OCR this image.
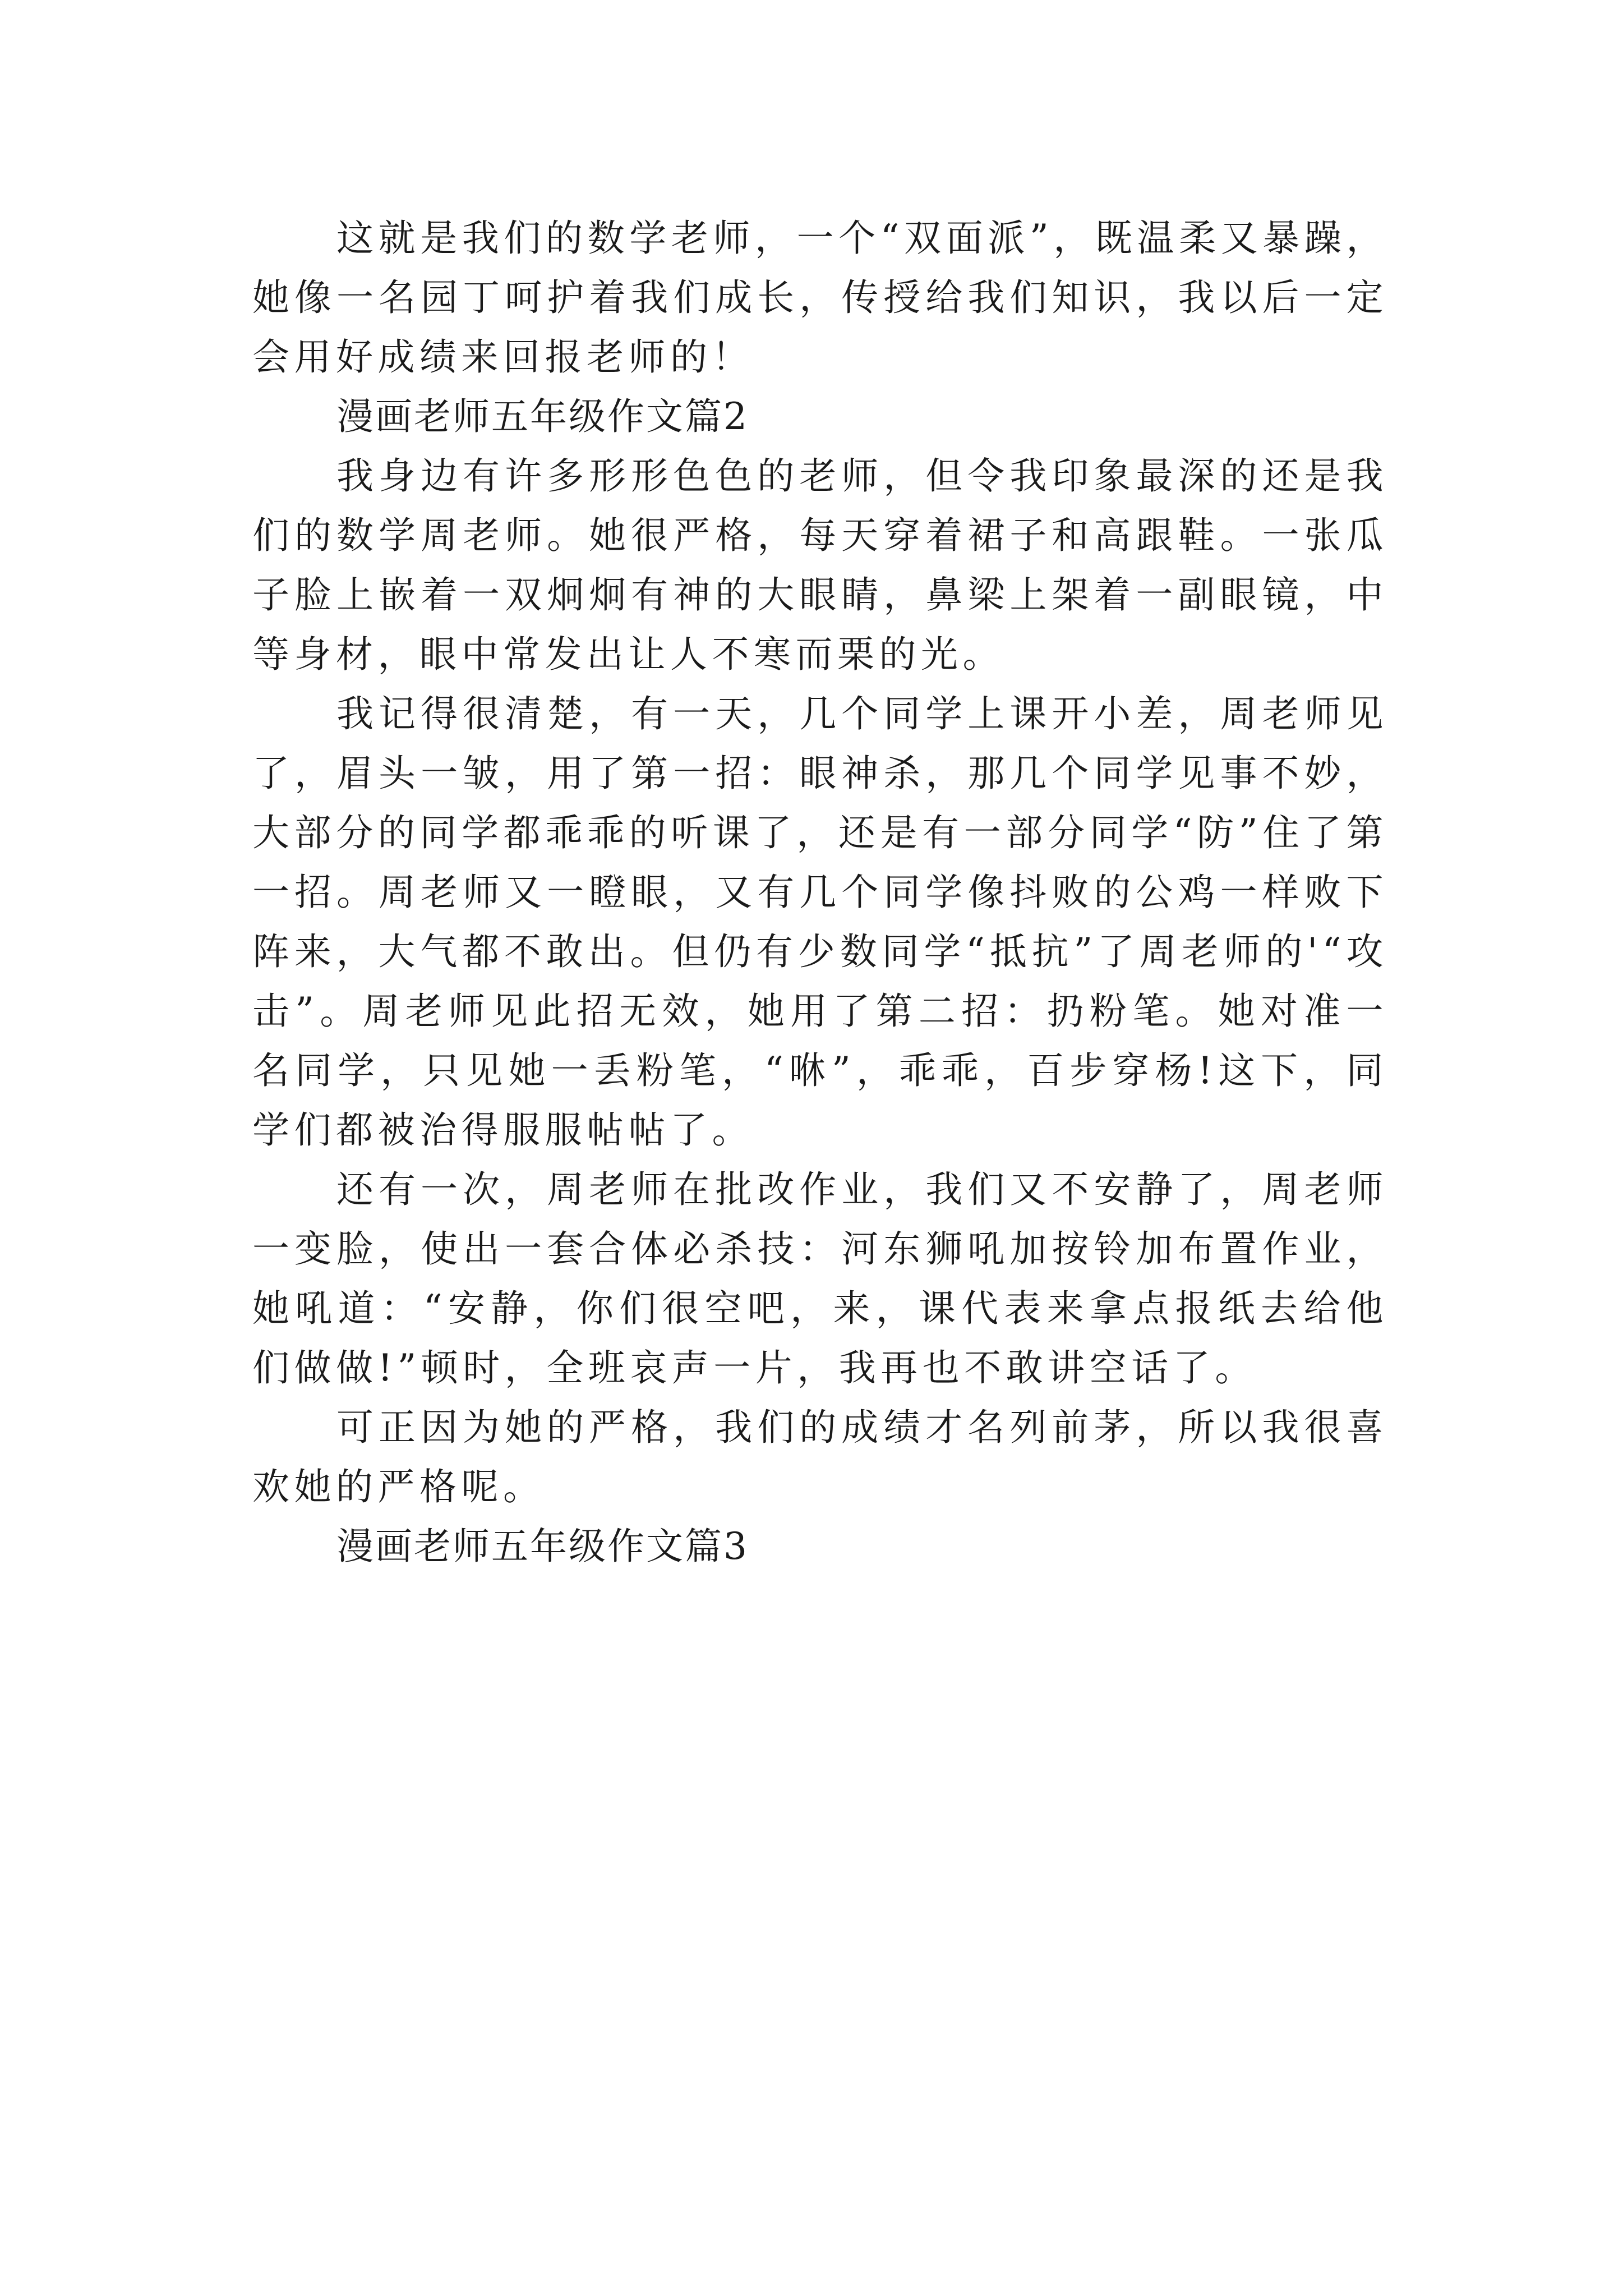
这就是我们的数学老师，一个“双面派”，既温柔又暴躁，她像一名园丁呵护着我们成长，传授给我们知识，我以后一定会用好成绩来回报老师的！

漫画老师五年级作文篇2

我身边有许多形形色色的老师，但令我印象最深的还是我们的数学周老师。她很严格，每天穿着裙子和高跟鞋。一张瓜子脸上嵌着一双炯炯有神的大眼睛，鼻梁上架着一副眼镜，中等身材，眼中常发出让人不寒而栗的光。

我记得很清楚，有一天，几个同学上课开小差，周老师见了，眉头一皱，用了第一招：眼神杀，那几个同学见事不妙，大部分的同学都乖乖的听课了，还是有一部分同学“防”住了第一招。周老师又一瞪眼，又有几个同学像抖败的公鸡一样败下阵来，大气都不敢出。但仍有少数同学“抵抗”了周老师的'“攻击”。周老师见此招无效，她用了第二招：扔粉笔。她对准一名同学，只见她一丢粉笔，“咻”，乖乖，百步穿杨!这下，同学们都被治得服服帖帖了。

还有一次，周老师在批改作业，我们又不安静了，周老师一变脸，使出一套合体必杀技：河东狮吼加按铃加布置作业，她吼道：“安静，你们很空吧，来，课代表来拿点报纸去给他们做做!”顿时，全班哀声一片，我再也不敢讲空话了。

可正因为她的严格，我们的成绩才名列前茅，所以我很喜欢她的严格呢。

漫画老师五年级作文篇3
